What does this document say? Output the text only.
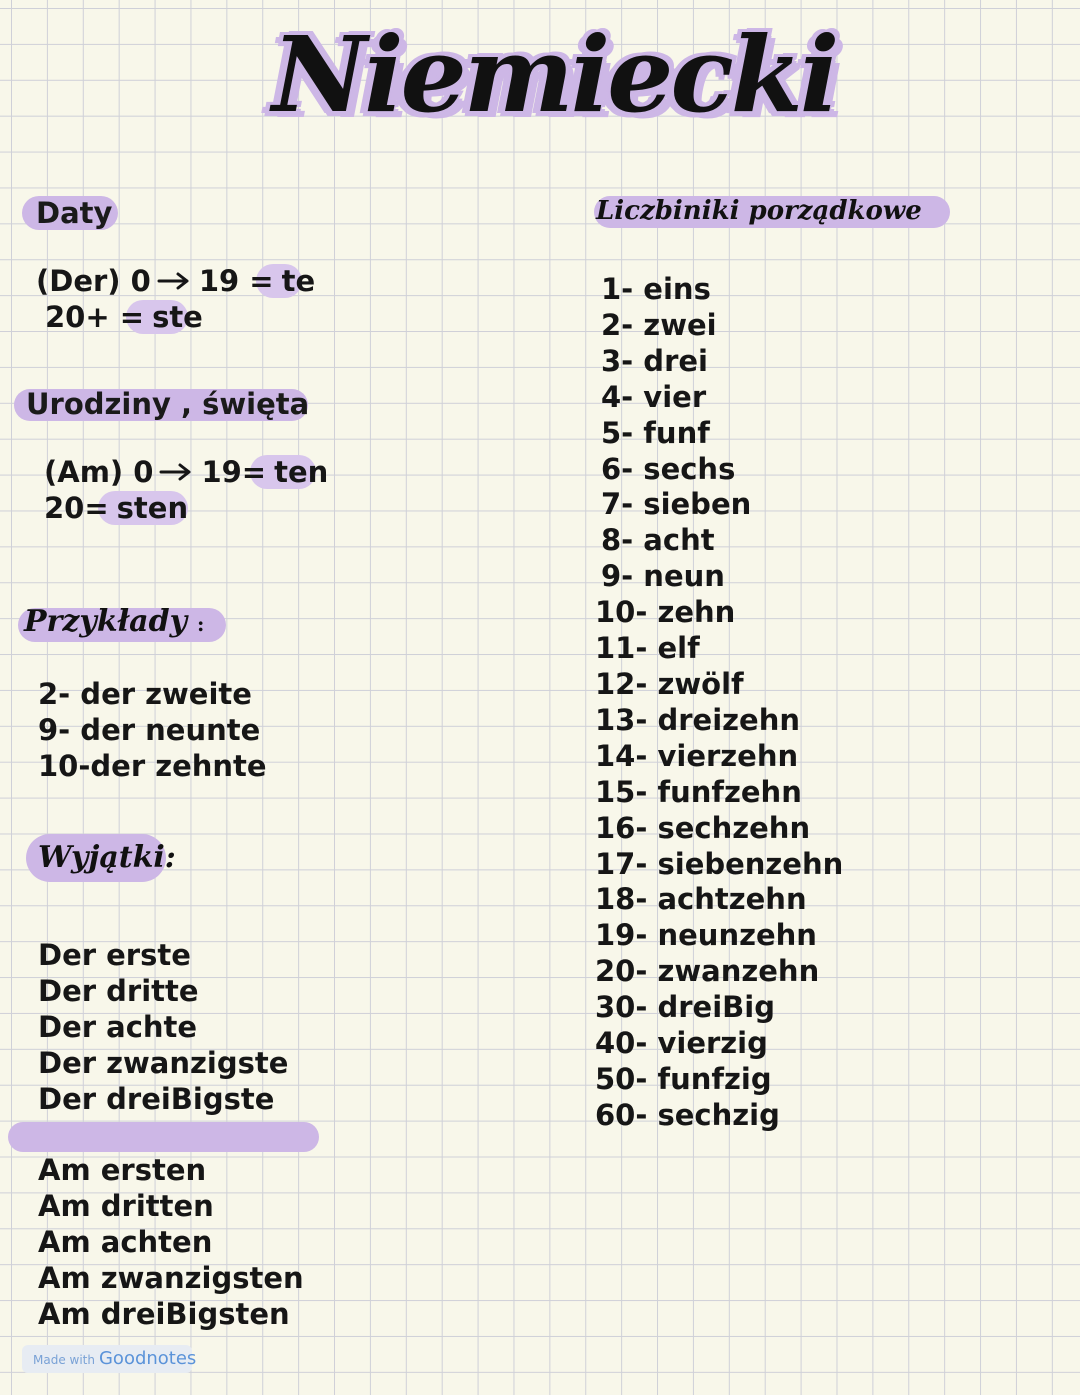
Niemiecki
Daty
(Der) 0 19 = te
20+ = ste
Urodziny , święta
(Am) 0 19= ten
20= sten
Przykłady :
2- der zweite
9- der neunte
10-der zehnte
Wyjątki:
Der erste
Der dritte
Der achte
Der zwanzigste
Der dreiBigste
Am ersten
Am dritten
Am achten
Am zwanzigsten
Am dreiBigsten
Liczbiniki porządkowe
1- eins
2- zwei
3- drei
4- vier
5- funf
6- sechs
7- sieben
8- acht
9- neun
10- zehn
11- elf
12- zwölf
13- dreizehn
14- vierzehn
15- funfzehn
16- sechzehn
17- siebenzehn
18- achtzehn
19- neunzehn
20- zwanzehn
30- dreiBig
40- vierzig
50- funfzig
60- sechzig
Made with Goodnotes
